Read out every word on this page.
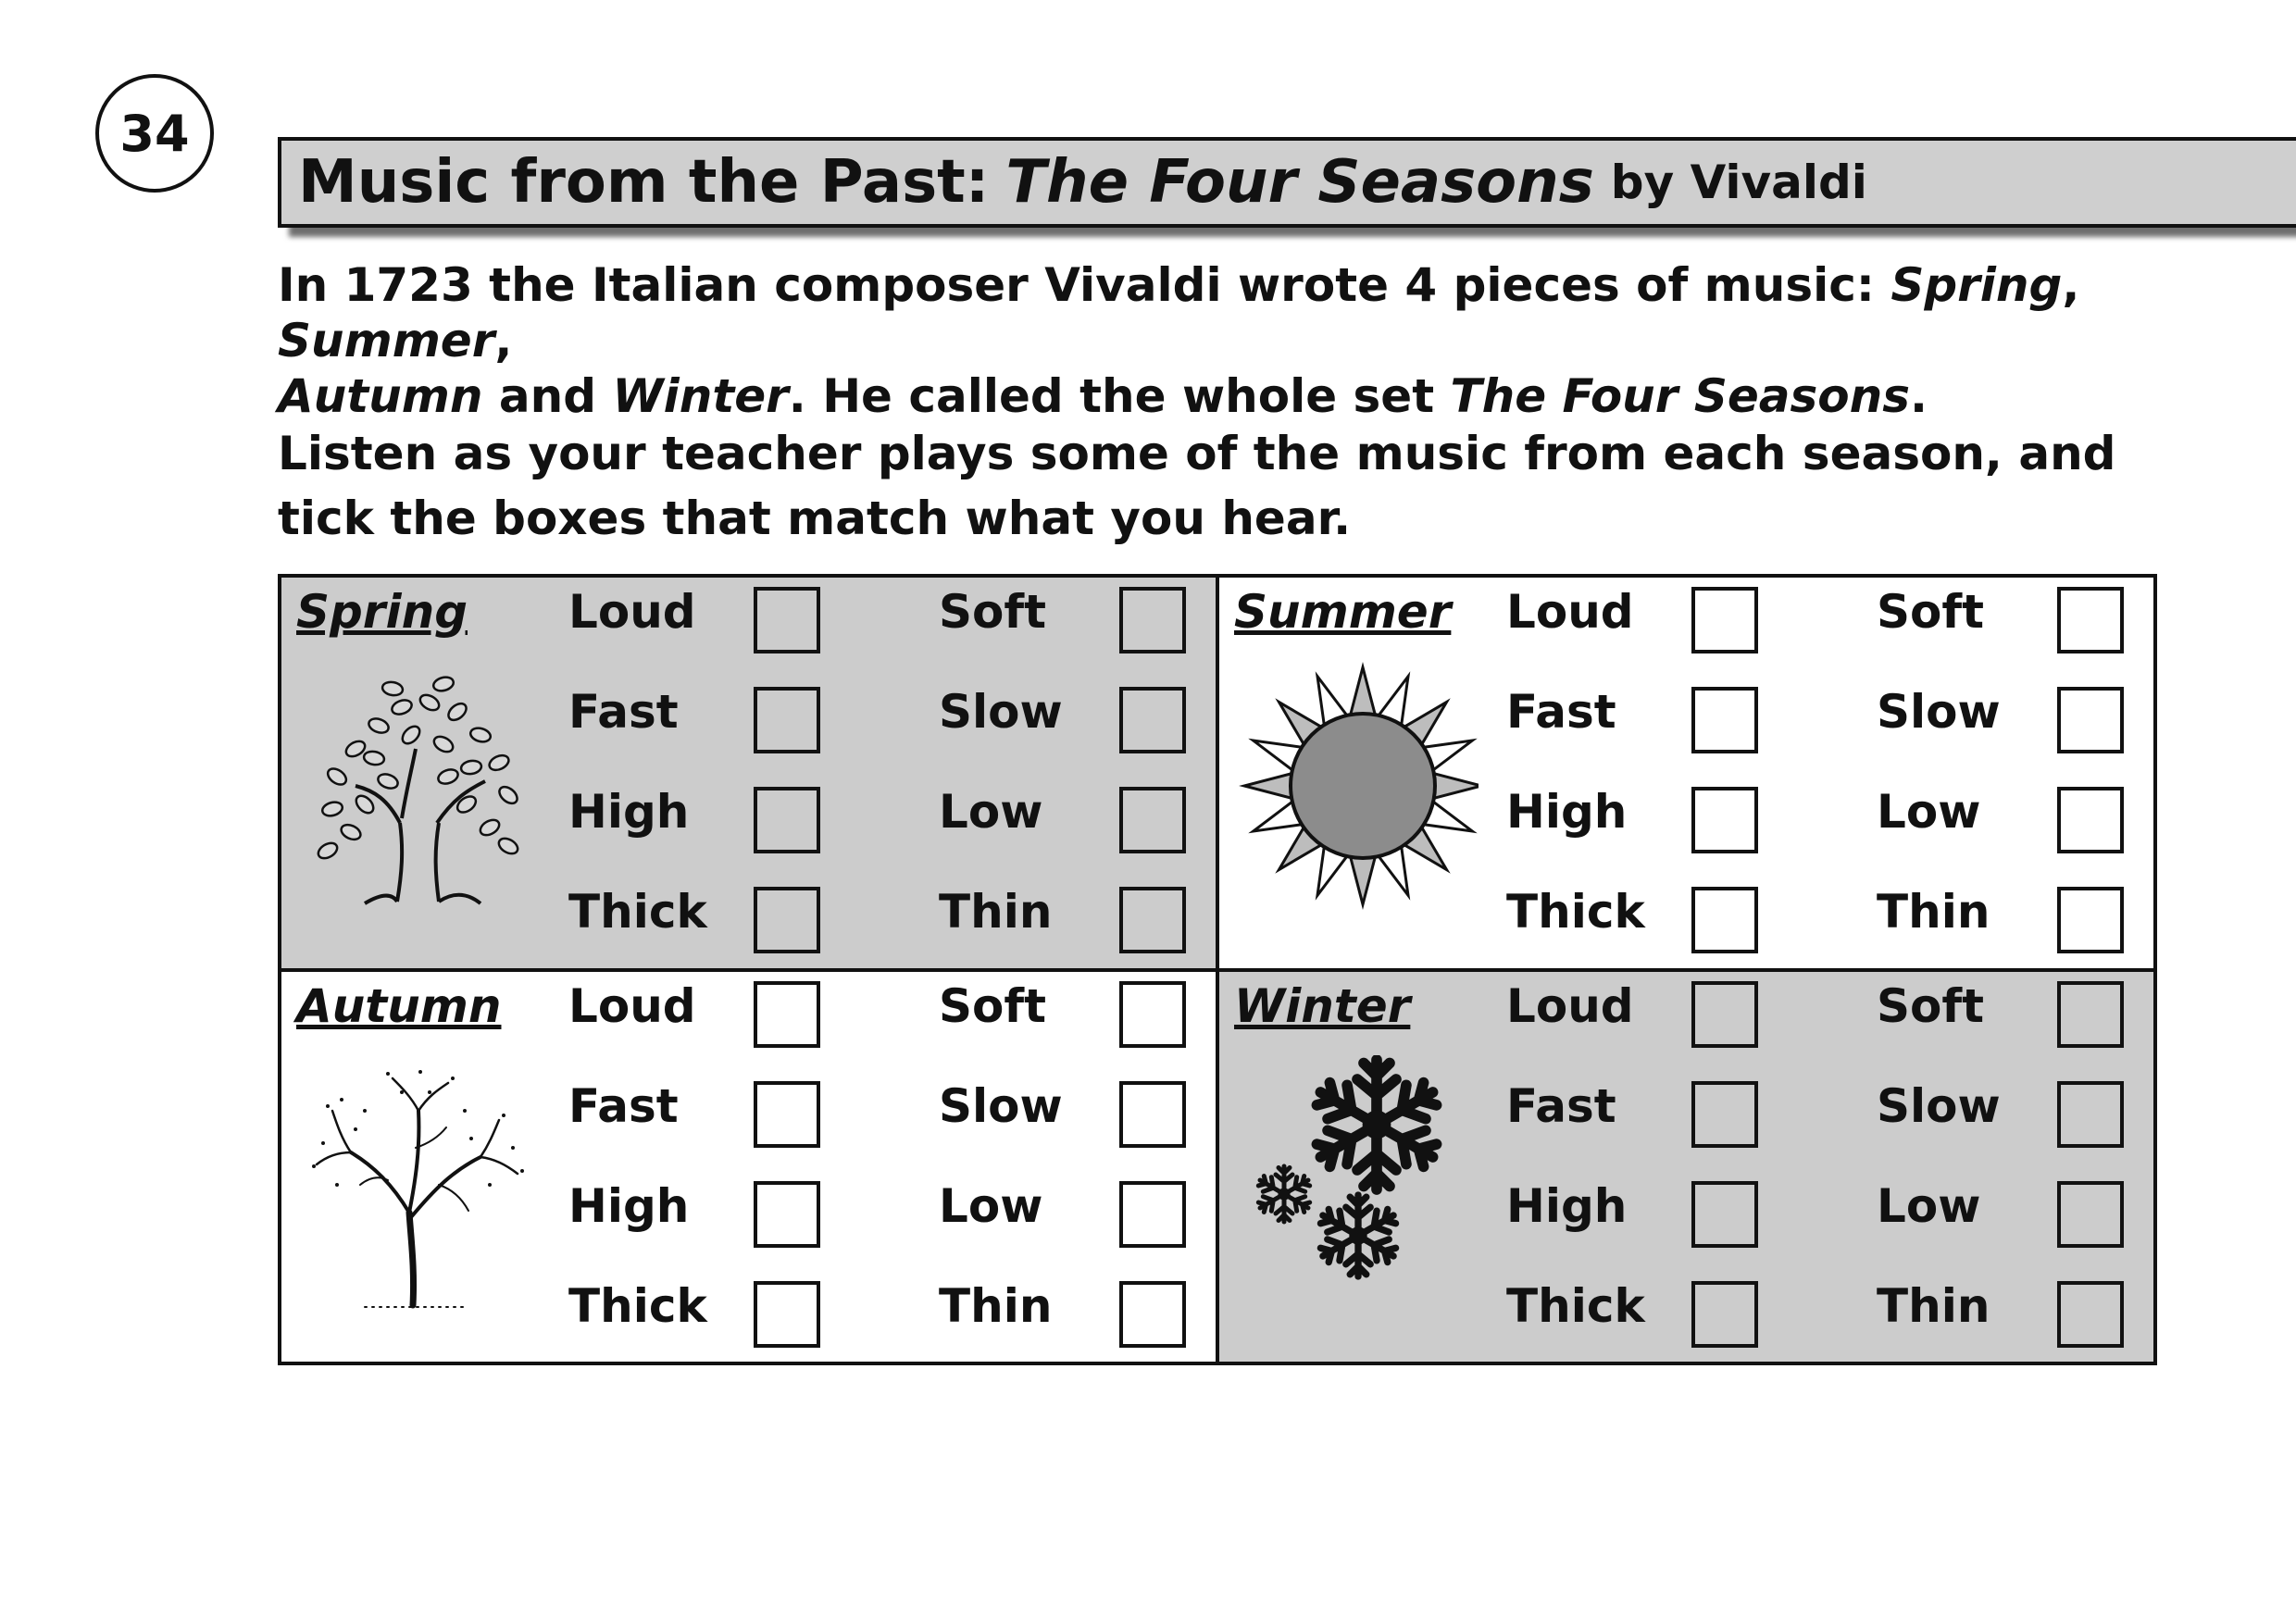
34
Music from the Past: The Four Seasons by Vivaldi
In 1723 the Italian composer Vivaldi wrote 4 pieces of music: Spring, Summer,
Autumn and Winter. He called the whole set The Four Seasons.
Listen as your teacher plays some of the music from each season, and tick the boxes that match what you hear.
Spring Loud	Soft
Fast	Slow
High	Low
Thick	Thin
Summer Loud	Soft
Fast	Slow
High	Low
Thick	Thin
Autumn Loud	Soft
Fast	Slow
High	Low
Thick	Thin
Winter Loud	Soft
Fast	Slow
High	Low
Thick	Thin
